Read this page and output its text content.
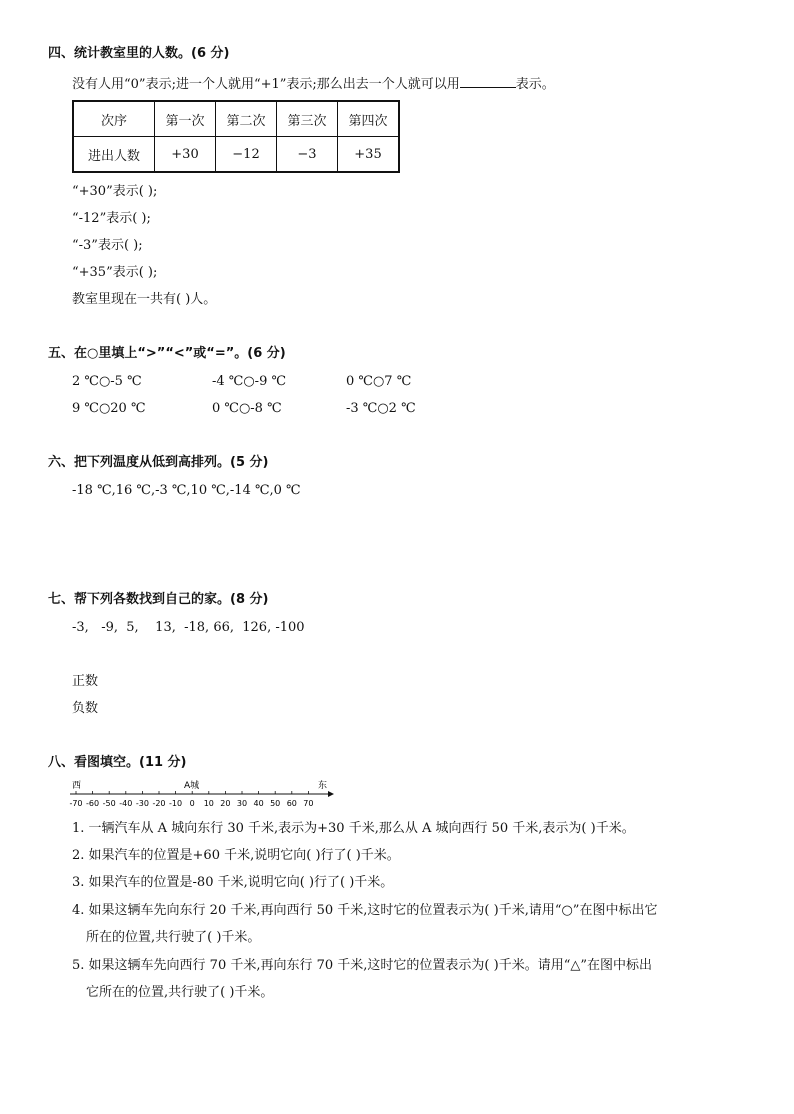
四、统计教室里的人数。(6 分)
没有人用“0”表示;进一个人就用“+1”表示;那么出去一个人就可以用	表示。
次序	第一次	第二次	第三次	第四次
进出人数	+30	−12	−3	+35
“+30”表示( );
“-12”表示( );
“-3”表示( );
“+35”表示( );
教室里现在一共有( )人。
五、在○里填上“>”“<”或“=”。(6 分)
2 ℃○-5 ℃	-4 ℃○-9 ℃	0 ℃○7 ℃
9 ℃○20 ℃	0 ℃○-8 ℃	-3 ℃○2 ℃
六、把下列温度从低到高排列。(5 分)
-18 ℃,16 ℃,-3 ℃,10 ℃,-14 ℃,0 ℃
七、帮下列各数找到自己的家。(8 分)
-3,   -9,  5,    13,  -18, 66,  126, -100
正数
负数
八、看图填空。(11 分)
西	A城	东
-70 -60 -50 -40 -30 -20 -10 0 10 20 30 40 50 60 70
1. 一辆汽车从 A 城向东行 30 千米,表示为+30 千米,那么从 A 城向西行 50 千米,表示为( )千米。
2. 如果汽车的位置是+60 千米,说明它向( )行了( )千米。
3. 如果汽车的位置是-80 千米,说明它向( )行了( )千米。
4. 如果这辆车先向东行 20 千米,再向西行 50 千米,这时它的位置表示为( )千米,请用“○”在图中标出它
所在的位置,共行驶了( )千米。
5. 如果这辆车先向西行 70 千米,再向东行 70 千米,这时它的位置表示为( )千米。请用“△”在图中标出
它所在的位置,共行驶了( )千米。
